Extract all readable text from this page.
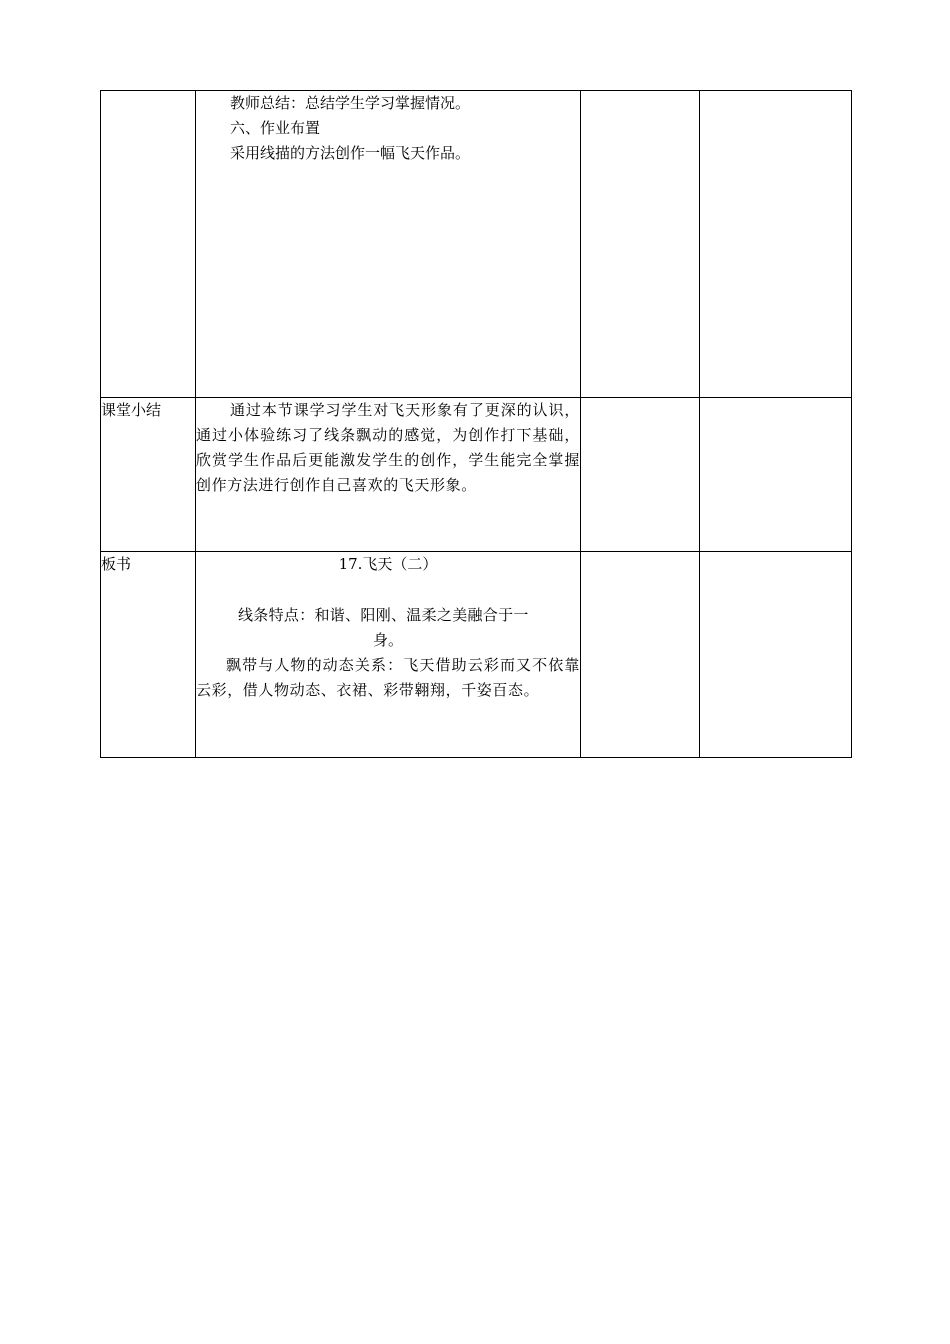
	教师总结：总结学生学习掌握情况。

六、作业布置

采用线描的方法创作一幅飞天作品。		

课堂小结	通过本节课学习学生对飞天形象有了更深的认识，通过小体验练习了线条飘动的感觉，为创作打下基础，欣赏学生作品后更能激发学生的创作，学生能完全掌握创作方法进行创作自己喜欢的飞天形象。		

板书	17.飞天（二）

线条特点：和谐、阳刚、温柔之美融合于一

身。

飘带与人物的动态关系：飞天借助云彩而又不依靠云彩，借人物动态、衣裙、彩带翱翔，千姿百态。		
